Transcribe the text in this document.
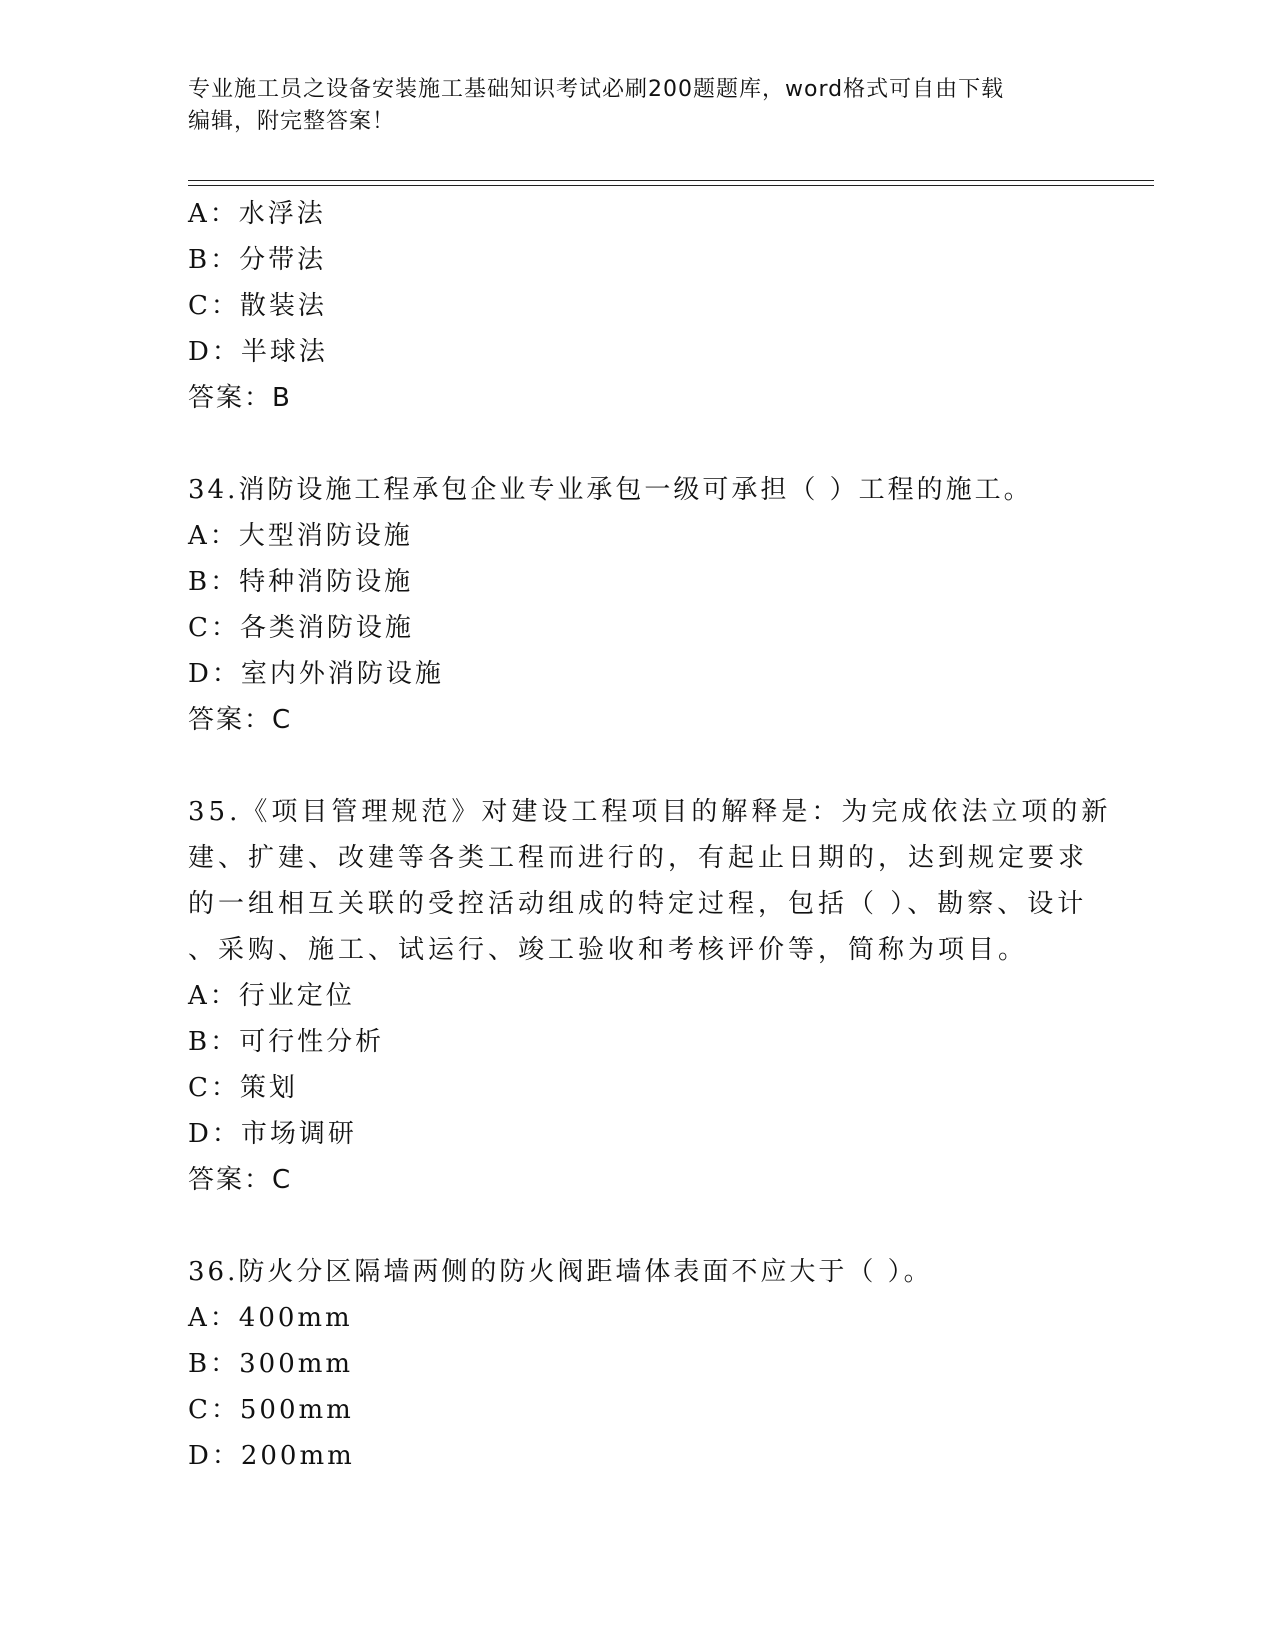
专业施工员之设备安装施工基础知识考试必刷200题题库，word格式可自由下载
编辑，附完整答案！
A：水浮法
B：分带法
C：散装法
D：半球法
答案：B
34.消防设施工程承包企业专业承包一级可承担（ ）工程的施工。
A：大型消防设施
B：特种消防设施
C：各类消防设施
D：室内外消防设施
答案：C
35.《项目管理规范》对建设工程项目的解释是：为完成依法立项的新
建、扩建、改建等各类工程而进行的，有起止日期的，达到规定要求
的一组相互关联的受控活动组成的特定过程，包括（ ）、勘察、设计
、采购、施工、试运行、竣工验收和考核评价等，简称为项目。
A：行业定位
B：可行性分析
C：策划
D：市场调研
答案：C
36.防火分区隔墙两侧的防火阀距墙体表面不应大于（ ）。
A：400mm
B：300mm
C：500mm
D：200mm
